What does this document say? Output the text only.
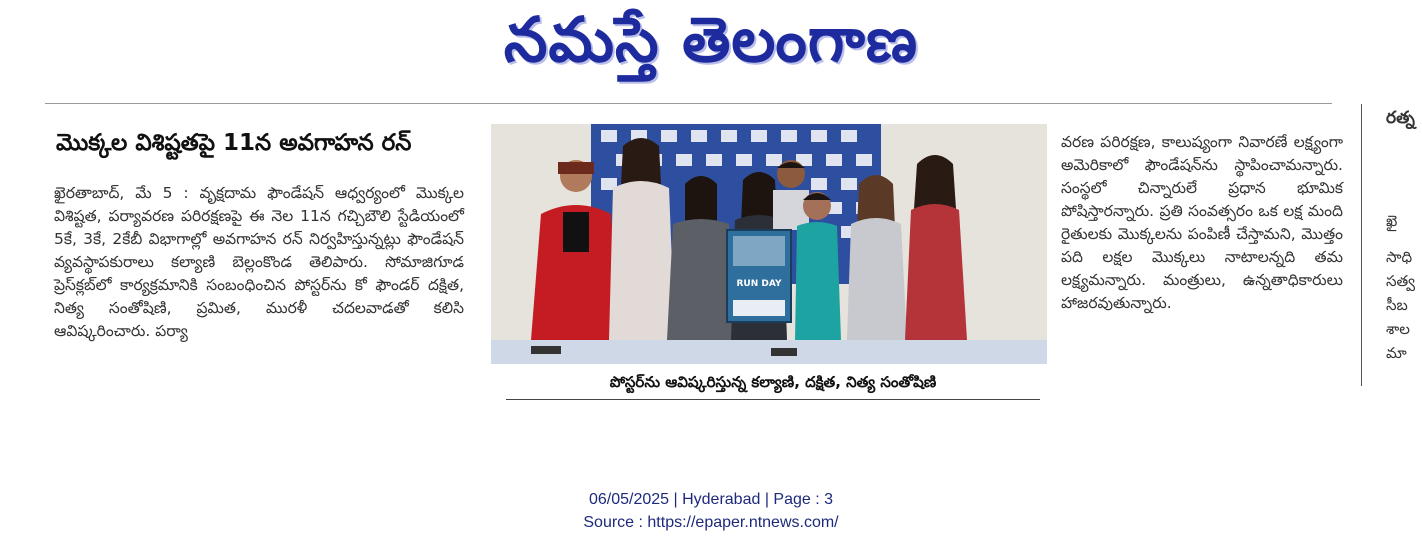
నమస్తే తెలంగాణ
మొక్కల విశిష్టతపై 11న అవగాహన రన్

ఖైరతాబాద్, మే 5 : వృక్షదామ ఫౌండేషన్ ఆధ్వర్యంలో మొక్కల విశిష్టత, పర్యావరణ పరిరక్షణపై ఈ నెల 11న గచ్చిబౌలి స్టేడియంలో 5కే, 3కే, 2కేబీ విభాగాల్లో అవగాహన రన్ నిర్వహిస్తున్నట్లు ఫౌండేషన్ వ్యవస్థాపకురాలు కల్యాణి బెల్లంకొండ తెలిపారు. సోమాజిగూడ ప్రెస్‌క్లబ్‌లో కార్యక్రమానికి సంబంధించిన పోస్టర్‌ను కో ఫౌండర్ దక్షిత, నిత్య సంతోషిణి, ప్రమిత, మురళీ చదలవాడతో కలిసి ఆవిష్కరించారు. పర్యా

RUN DAY
పోస్టర్‌ను ఆవిష్కరిస్తున్న కల్యాణి, దక్షిత, నిత్య సంతోషిణి

వరణ పరిరక్షణ, కాలుష్యంగా నివారణే లక్ష్యంగా అమెరికాలో ఫౌండేషన్‌ను స్థాపించామన్నారు. సంస్థలో చిన్నారులే ప్రధాన భూమిక పోషిస్తారన్నారు. ప్రతి సంవత్సరం ఒక లక్ష మంది రైతులకు మొక్కలను పంపిణీ చేస్తామని, మొత్తం పది లక్షల మొక్కలు నాటాలన్నది తమ లక్ష్యమన్నారు. మంత్రులు, ఉన్నతాధికారులు హాజరవుతున్నారు.

రత్న
ఖై
సాధి
సత్వ
సీబ
శాల
మా
06/05/2025 | Hyderabad | Page : 3
Source : https://epaper.ntnews.com/
